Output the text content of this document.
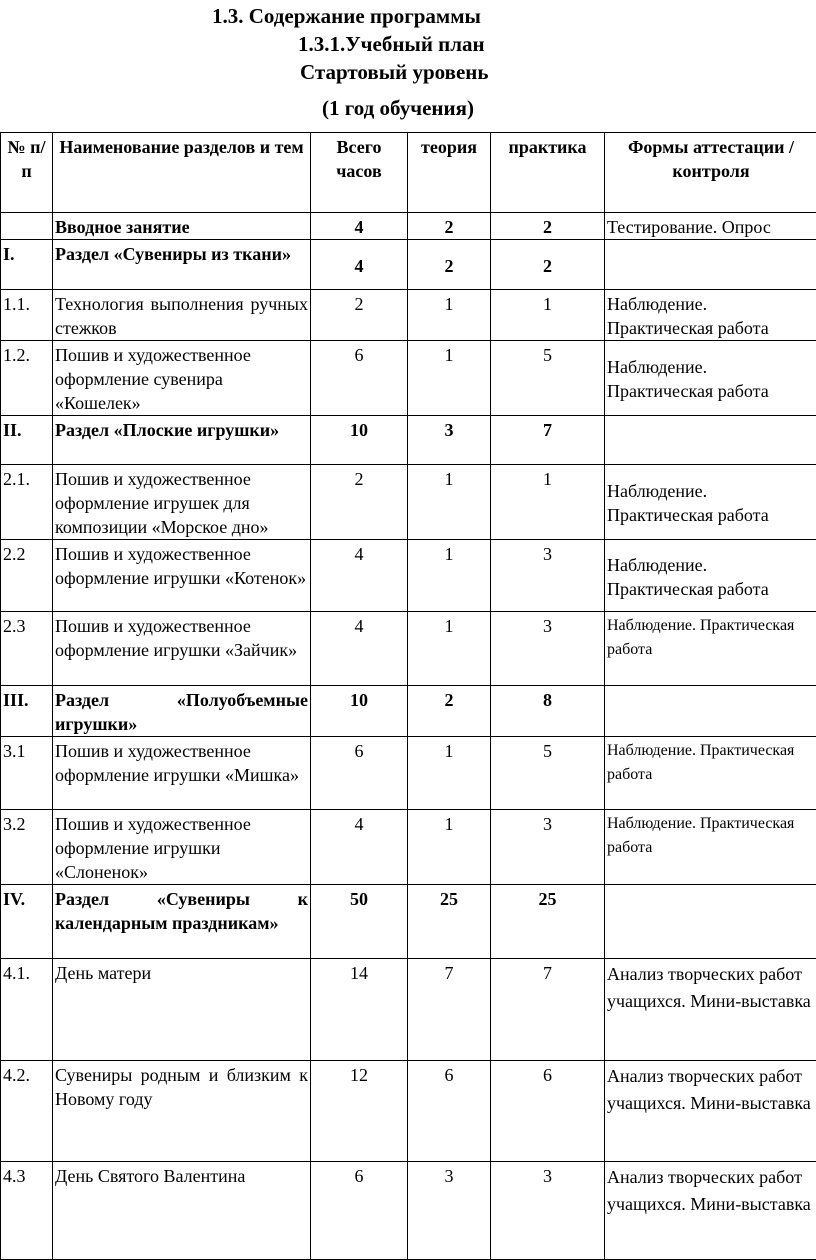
1.3. Содержание программы
1.3.1.Учебный план
Стартовый уровень
(1 год обучения)
№ п/п	Наименование разделов и тем	Всего часов	теория	практика	Формы аттестации /контроля
	Вводное занятие	4	2	2	Тестирование. Опрос
I.	Раздел «Сувениры из ткани»	4	2	2	
1.1.	Технология выполнения ручных стежков	2	1	1	Наблюдение. Практическая работа
1.2.	Пошив и художественное оформление сувенира «Кошелек»	6	1	5	Наблюдение. Практическая работа
II.	Раздел «Плоские игрушки»	10	3	7	
2.1.	Пошив и художественное оформление игрушек для композиции «Морское дно»	2	1	1	Наблюдение. Практическая работа
2.2	Пошив и художественное оформление игрушки «Котенок»	4	1	3	Наблюдение. Практическая работа
2.3	Пошив и художественное оформление игрушки «Зайчик»	4	1	3	Наблюдение. Практическая работа
III.	Раздел «Полуобъемные игрушки»	10	2	8	
3.1	Пошив и художественное оформление игрушки «Мишка»	6	1	5	Наблюдение. Практическая работа
3.2	Пошив и художественное оформление игрушки «Слоненок»	4	1	3	Наблюдение. Практическая работа
IV.	Раздел «Сувениры к календарным праздникам»	50	25	25	
4.1.	День матери	14	7	7	Анализ творческих работ учащихся. Мини-выставка
4.2.	Сувениры родным и близким к Новому году	12	6	6	Анализ творческих работ учащихся. Мини-выставка
4.3	День Святого Валентина	6	3	3	Анализ творческих работ учащихся. Мини-выставка
